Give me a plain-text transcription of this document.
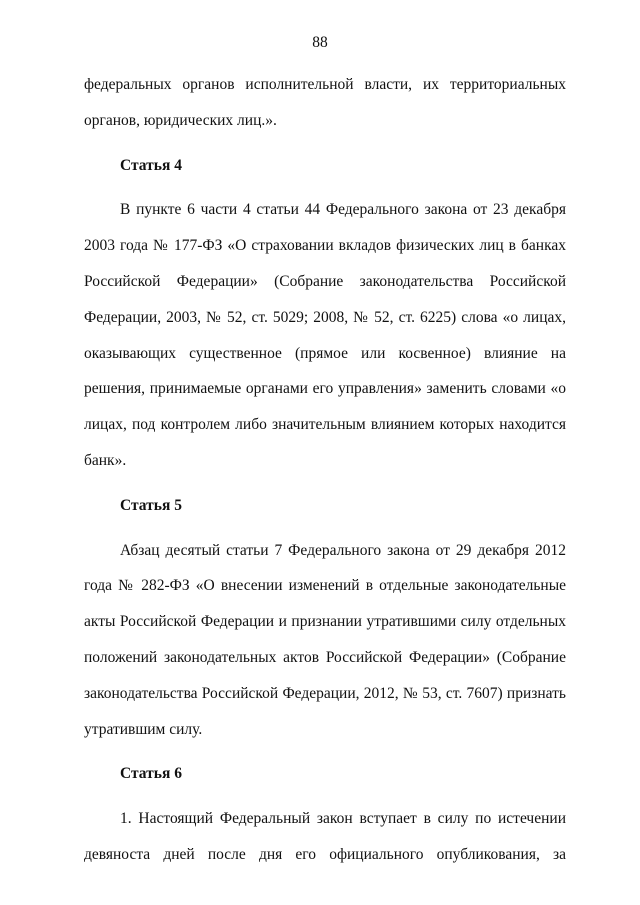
88

федеральных органов исполнительной власти, их территориальных органов, юридических лиц.».

Статья 4

В пункте 6 части 4 статьи 44 Федерального закона от 23 декабря 2003 года № 177-ФЗ «О страховании вкладов физических лиц в банках Российской Федерации» (Собрание законодательства Российской Федерации, 2003, № 52, ст. 5029; 2008, № 52, ст. 6225) слова «о лицах, оказывающих существенное (прямое или косвенное) влияние на решения, принимаемые органами его управления» заменить словами «о лицах, под контролем либо значительным влиянием которых находится банк».

Статья 5

Абзац десятый статьи 7 Федерального закона от 29 декабря 2012 года № 282-ФЗ «О внесении изменений в отдельные законодательные акты Российской Федерации и признании утратившими силу отдельных положений законодательных актов Российской Федерации» (Собрание законодательства Российской Федерации, 2012, № 53, ст. 7607) признать утратившим силу.

Статья 6

1. Настоящий Федеральный закон вступает в силу по истечении девяноста дней после дня его официального опубликования, за
